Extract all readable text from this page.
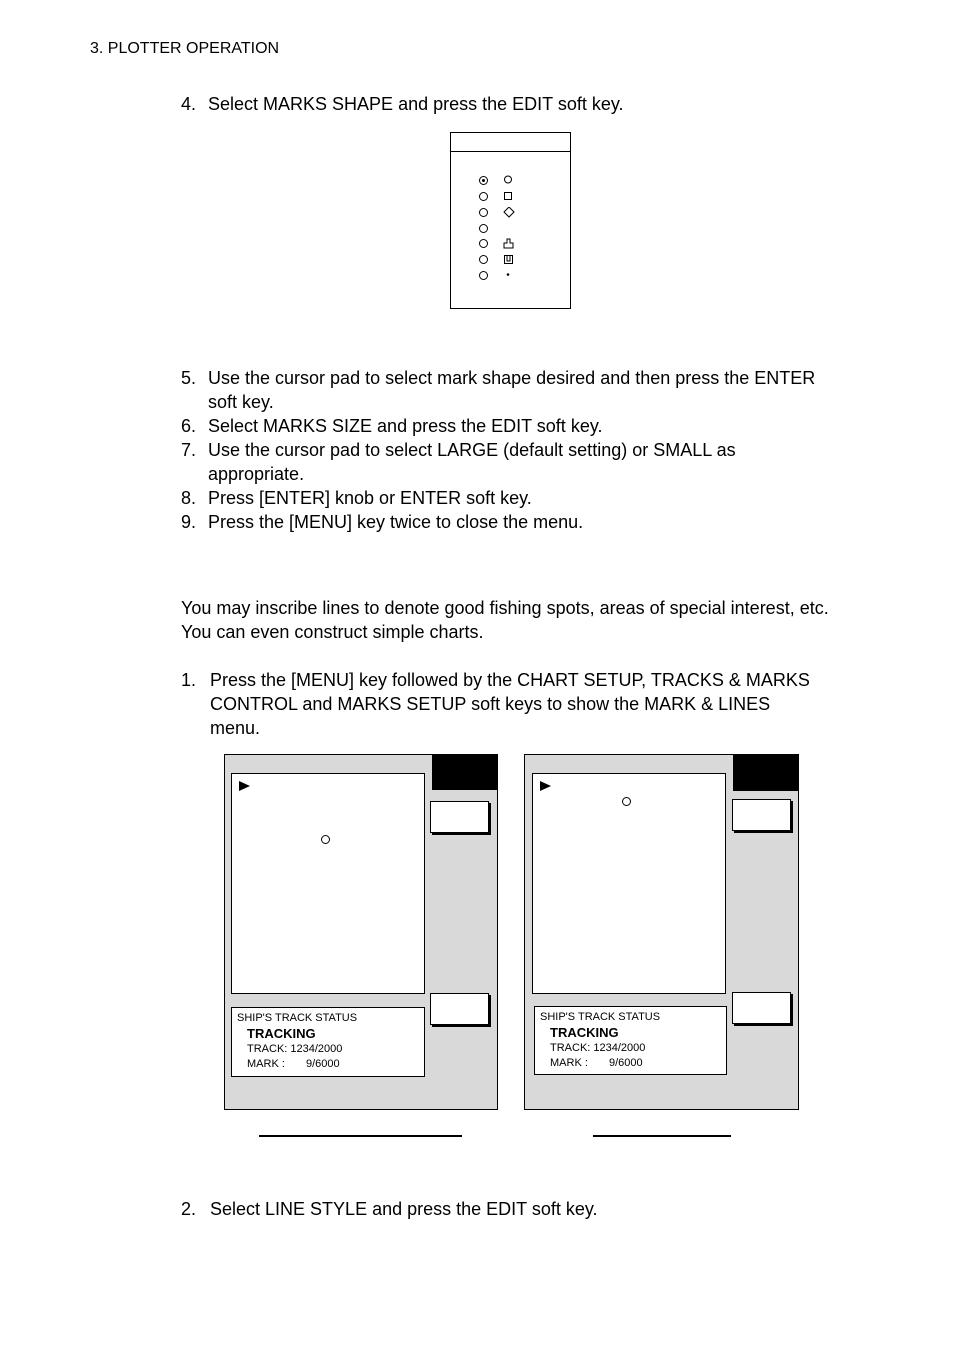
3. PLOTTER OPERATION
4. Select MARKS SHAPE and press the EDIT soft key.
5. Use the cursor pad to select mark shape desired and then press the ENTER
soft key.
6. Select MARKS SIZE and press the EDIT soft key.
7. Use the cursor pad to select LARGE (default setting) or SMALL as
appropriate.
8. Press [ENTER] knob or ENTER soft key.
9. Press the [MENU] key twice to close the menu.
You may inscribe lines to denote good fishing spots, areas of special interest, etc.
You can even construct simple charts.
1. Press the [MENU] key followed by the CHART SETUP, TRACKS & MARKS
CONTROL and MARKS SETUP soft keys to show the MARK & LINES
menu.
SHIP'S TRACK STATUS
TRACKING
TRACK: 1234/2000
MARK : 9/6000
SHIP'S TRACK STATUS
TRACKING
TRACK: 1234/2000
MARK : 9/6000
2. Select LINE STYLE and press the EDIT soft key.
